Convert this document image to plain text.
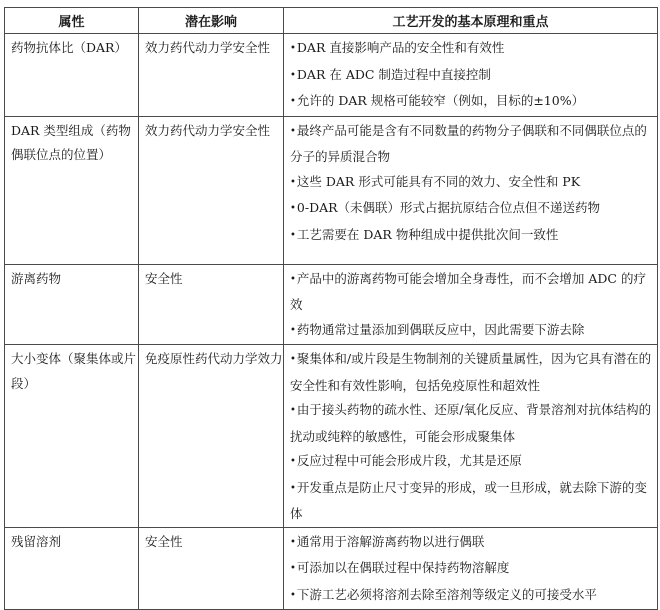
属性	潜在影响	工艺开发的基本原理和重点
药物抗体比（DAR）	效力药代动力学安全性	• DAR 直接影响产品的安全性和有效性
• DAR 在 ADC 制造过程中直接控制
• 允许的 DAR 规格可能较窄（例如，目标的±10%）

DAR 类型组成（药物偶联位点的位置）	效力药代动力学安全性	• 最终产品可能是含有不同数量的药物分子偶联和不同偶联位点的分子的异质混合物
• 这些 DAR 形式可能具有不同的效力、安全性和 PK
• 0-DAR（未偶联）形式占据抗原结合位点但不递送药物
• 工艺需要在 DAR 物种组成中提供批次间一致性

游离药物	安全性	• 产品中的游离药物可能会增加全身毒性，而不会增加 ADC 的疗效
• 药物通常过量添加到偶联反应中，因此需要下游去除

大小变体（聚集体或片段）	免疫原性药代动力学效力	• 聚集体和/或片段是生物制剂的关键质量属性，因为它具有潜在的安全性和有效性影响，包括免疫原性和超效性
• 由于接头药物的疏水性、还原/氧化反应、背景溶剂对抗体结构的扰动或纯粹的敏感性，可能会形成聚集体
• 反应过程中可能会形成片段，尤其是还原
• 开发重点是防止尺寸变异的形成，或一旦形成，就去除下游的变体

残留溶剂	安全性	• 通常用于溶解游离药物以进行偶联
• 可添加以在偶联过程中保持药物溶解度
• 下游工艺必须将溶剂去除至溶剂等级定义的可接受水平
